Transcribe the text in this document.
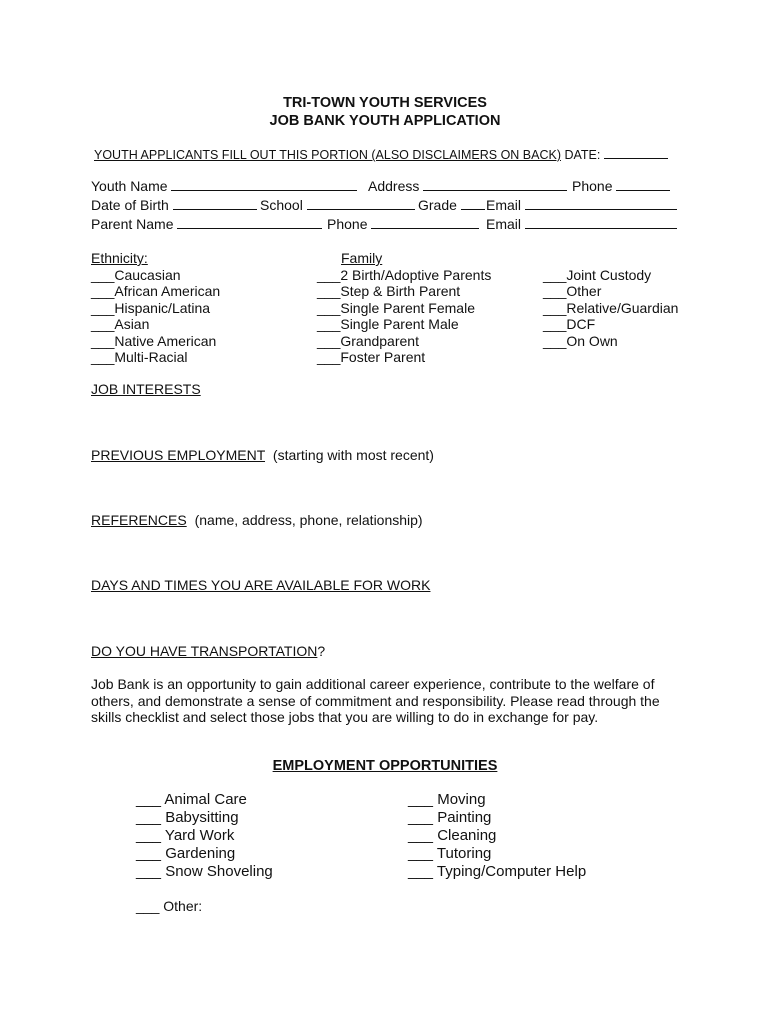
TRI-TOWN YOUTH SERVICES
JOB BANK YOUTH APPLICATION
YOUTH APPLICANTS FILL OUT THIS PORTION (ALSO DISCLAIMERS ON BACK) DATE:
Youth Name	Address	Phone
Date of Birth	School	Grade	Email
Parent Name	Phone	Email
Ethnicity:
___Caucasian
___African American
___Hispanic/Latina
___Asian
___Native American
___Multi-Racial
Family
___2 Birth/Adoptive Parents
___Step & Birth Parent
___Single Parent Female
___Single Parent Male
___Grandparent
___Foster Parent
___Joint Custody
___Other
___Relative/Guardian
___DCF
___On Own
JOB INTERESTS
PREVIOUS EMPLOYMENT (starting with most recent)
REFERENCES (name, address, phone, relationship)
DAYS AND TIMES YOU ARE AVAILABLE FOR WORK
DO YOU HAVE TRANSPORTATION?
Job Bank is an opportunity to gain additional career experience, contribute to the welfare of others, and demonstrate a sense of commitment and responsibility. Please read through the skills checklist and select those jobs that you are willing to do in exchange for pay.
EMPLOYMENT OPPORTUNITIES
___ Animal Care
___ Babysitting
___ Yard Work
___ Gardening
___ Snow Shoveling
___ Moving
___ Painting
___ Cleaning
___ Tutoring
___ Typing/Computer Help
___ Other:
